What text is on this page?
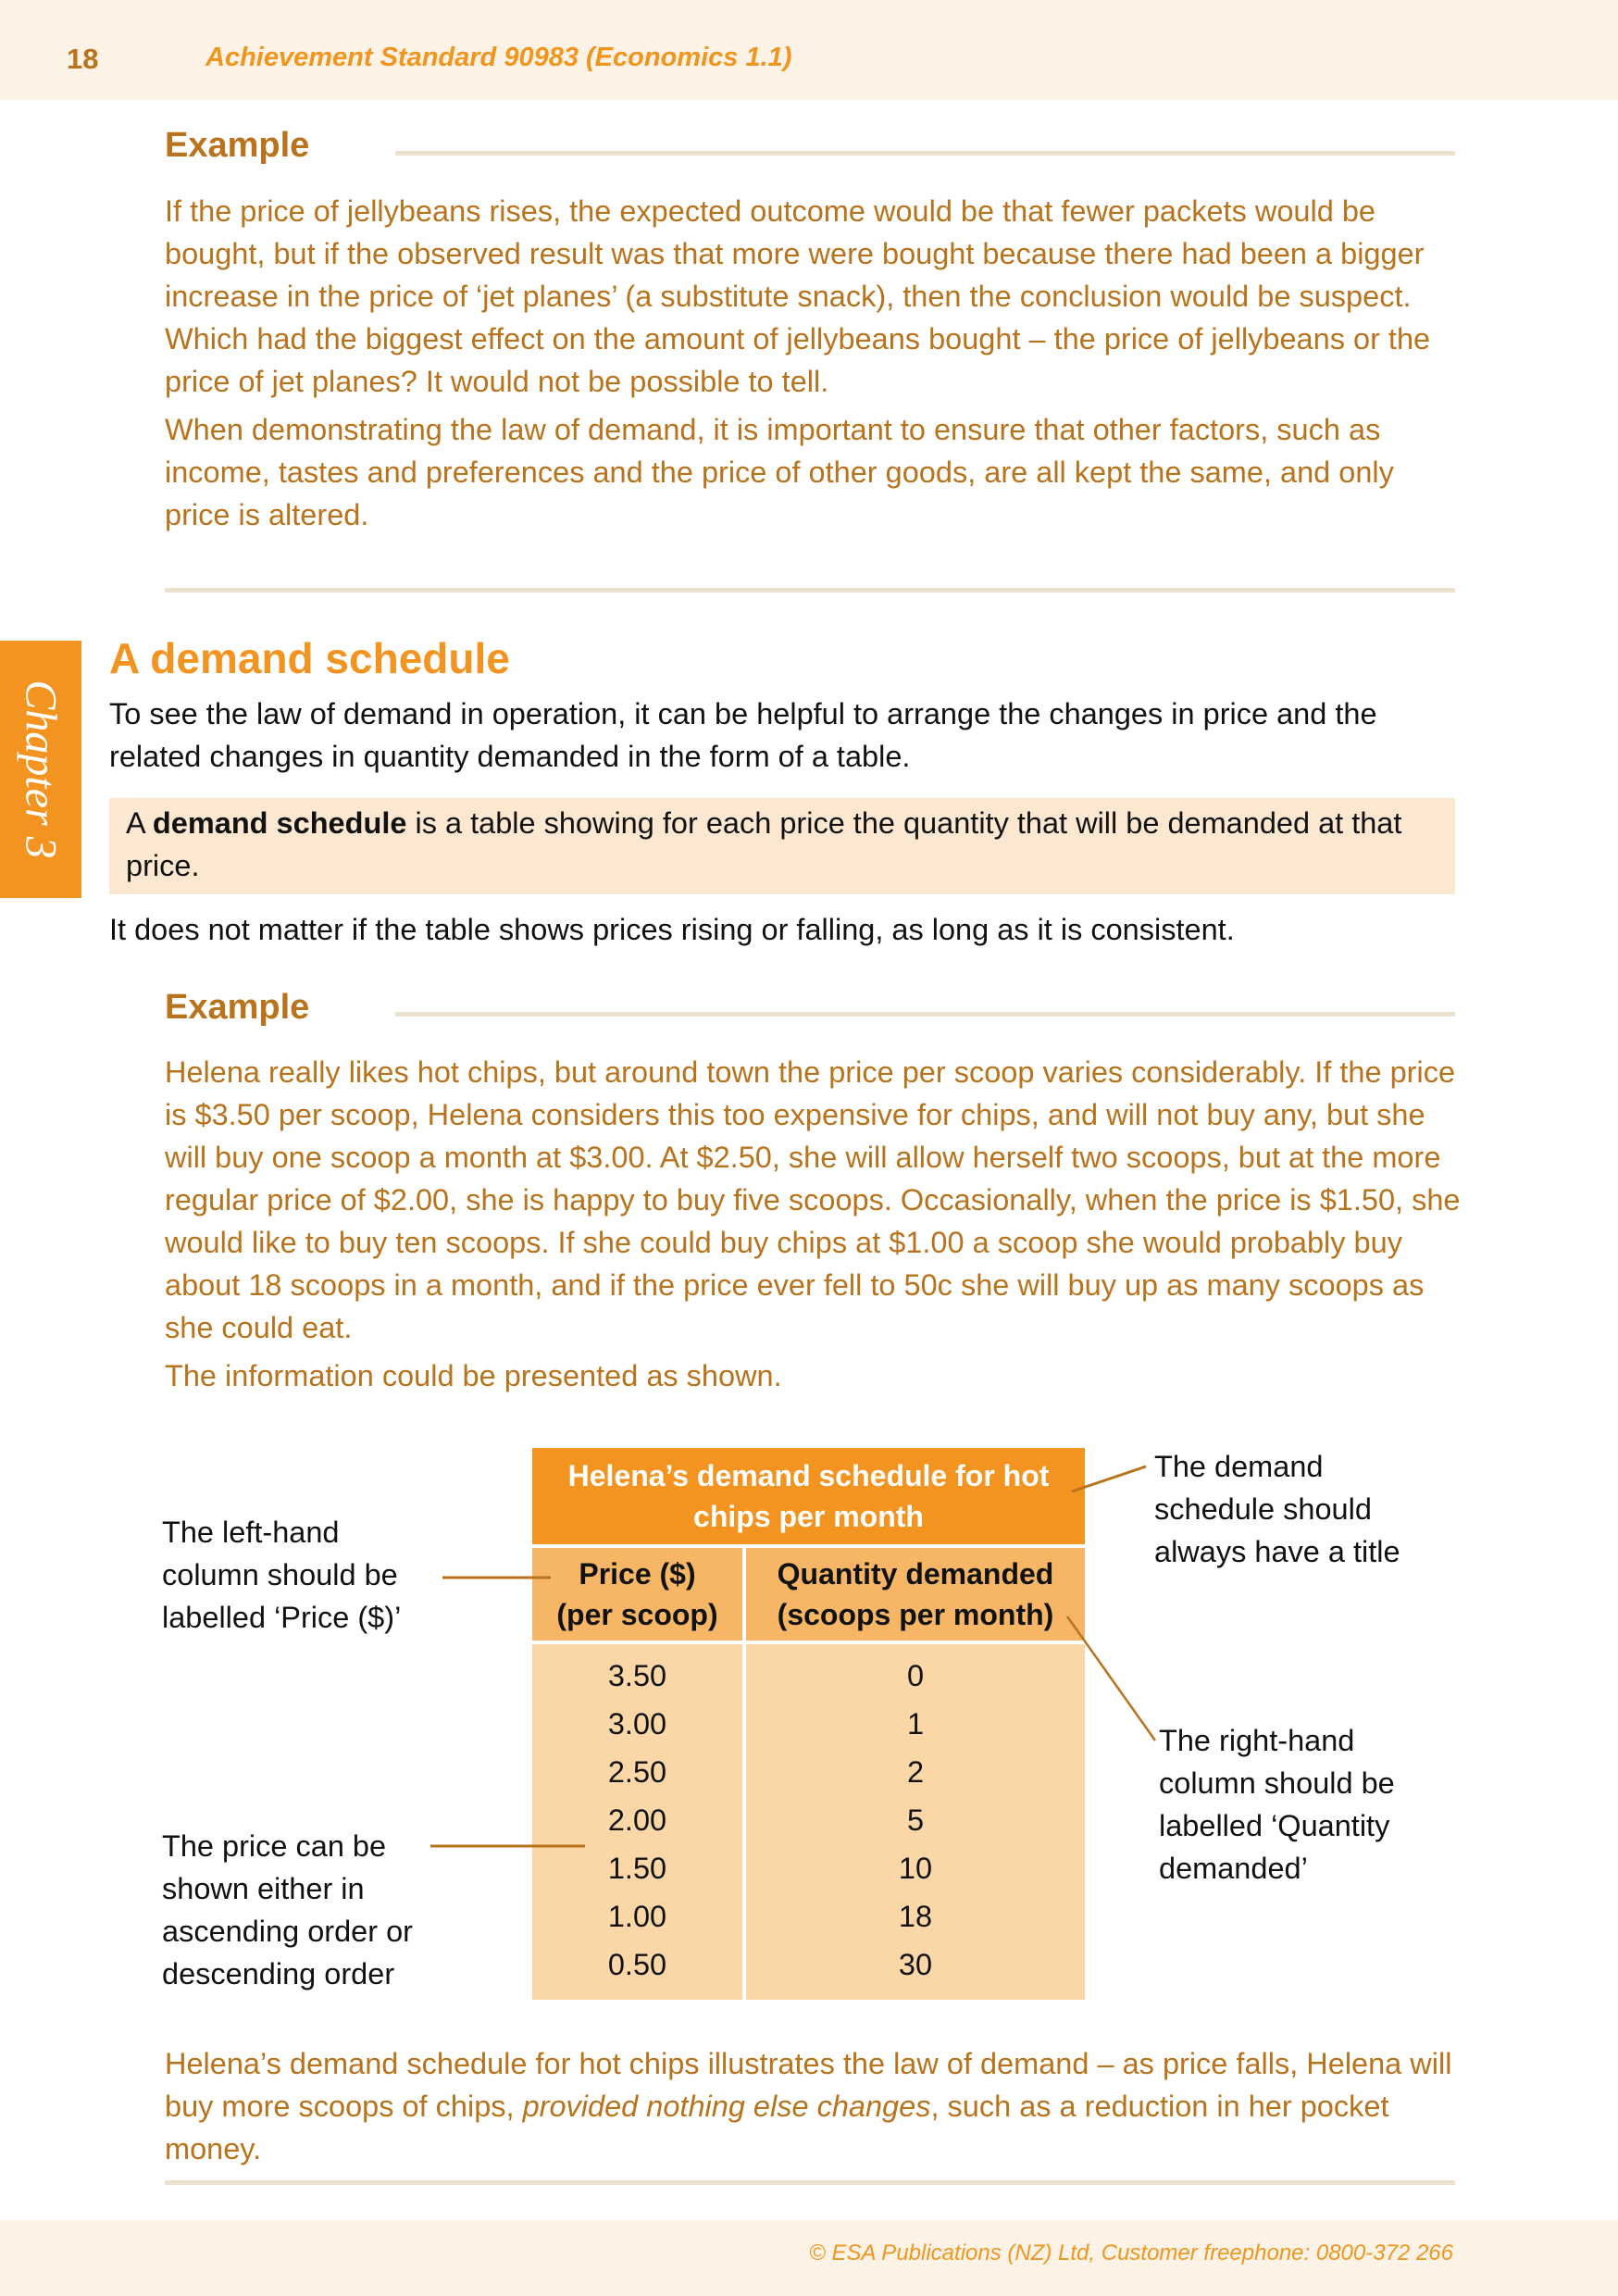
18	Achievement Standard 90983 (Economics 1.1)
Example

If the price of jellybeans rises, the expected outcome would be that fewer packets would be bought, but if the observed result was that more were bought because there had been a bigger increase in the price of ‘jet planes’ (a substitute snack), then the conclusion would be suspect. Which had the biggest effect on the amount of jellybeans bought – the price of jellybeans or the price of jet planes? It would not be possible to tell.

When demonstrating the law of demand, it is important to ensure that other factors, such as income, tastes and preferences and the price of other goods, are all kept the same, and only price is altered.

Chapter 3
A demand schedule
To see the law of demand in operation, it can be helpful to arrange the changes in price and the related changes in quantity demanded in the form of a table.
A demand schedule is a table showing for each price the quantity that will be demanded at that price.
It does not matter if the table shows prices rising or falling, as long as it is consistent.
Example

Helena really likes hot chips, but around town the price per scoop varies considerably. If the price is $3.50 per scoop, Helena considers this too expensive for chips, and will not buy any, but she will buy one scoop a month at $3.00. At $2.50, she will allow herself two scoops, but at the more regular price of $2.00, she is happy to buy five scoops. Occasionally, when the price is $1.50, she would like to buy ten scoops. If she could buy chips at $1.00 a scoop she would probably buy about 18 scoops in a month, and if the price ever fell to 50c she will buy up as many scoops as she could eat.

The information could be presented as shown.

Helena’s demand schedule for hot chips per month
Price ($)
(per scoop)
Quantity demanded
(scoops per month)
3.50
3.00
2.50
2.00
1.50
1.00
0.50
0
1
2
5
10
18
30
The left-hand
column should be
labelled ‘Price ($)’
The price can be
shown either in
ascending order or
descending order
The demand
schedule should
always have a title
The right-hand
column should be
labelled ‘Quantity
demanded’
Helena’s demand schedule for hot chips illustrates the law of demand – as price falls, Helena will buy more scoops of chips, provided nothing else changes, such as a reduction in her pocket money.
© ESA Publications (NZ) Ltd, Customer freephone: 0800-372 266
